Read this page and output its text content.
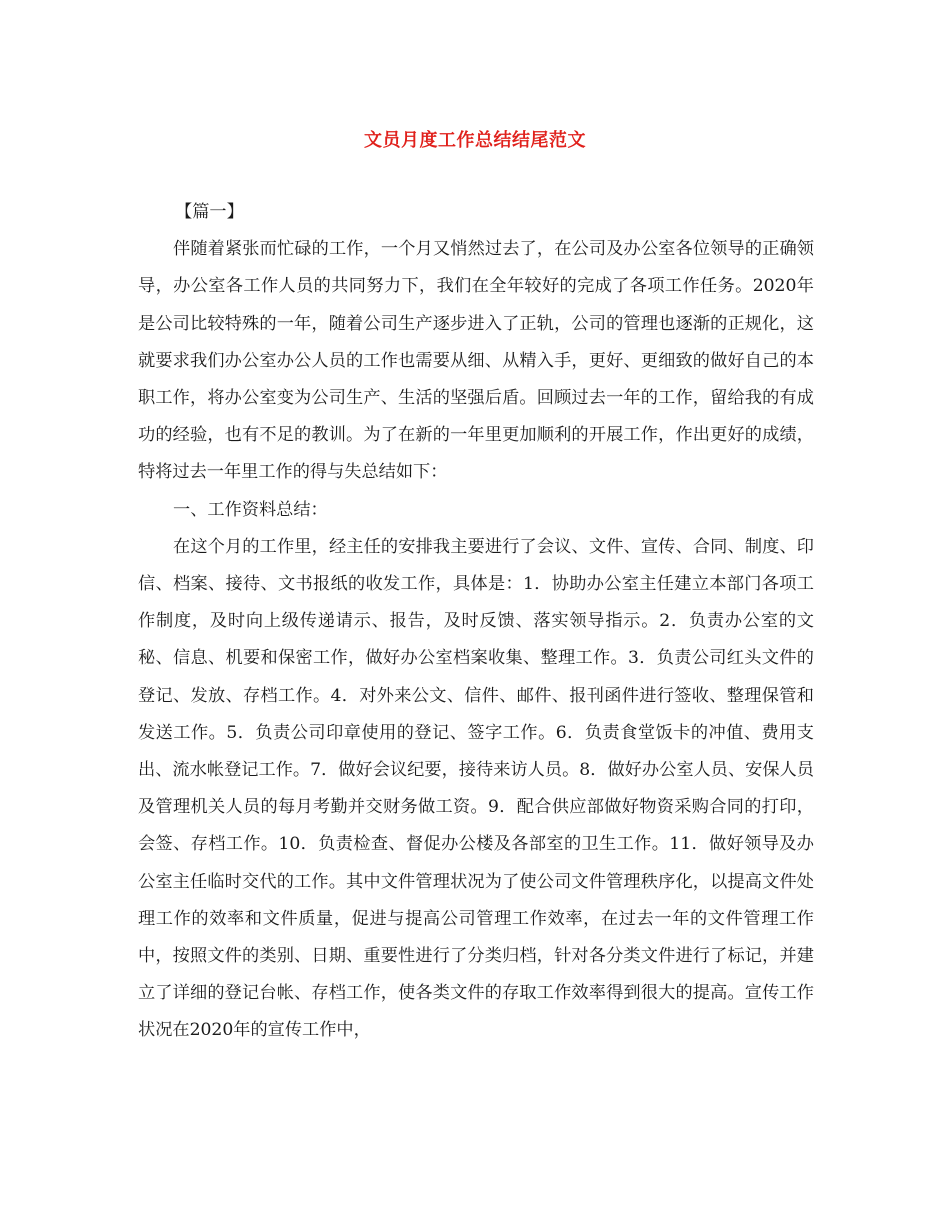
文员月度工作总结结尾范文

【篇一】

伴随着紧张而忙碌的工作，一个月又悄然过去了，在公司及办公室各位领导的正确领导，办公室各工作人员的共同努力下，我们在全年较好的完成了各项工作任务。2020年是公司比较特殊的一年，随着公司生产逐步进入了正轨，公司的管理也逐渐的正规化，这就要求我们办公室办公人员的工作也需要从细、从精入手，更好、更细致的做好自己的本职工作，将办公室变为公司生产、生活的坚强后盾。回顾过去一年的工作，留给我的有成功的经验，也有不足的教训。为了在新的一年里更加顺利的开展工作，作出更好的成绩，特将过去一年里工作的得与失总结如下：

一、工作资料总结：

在这个月的工作里，经主任的安排我主要进行了会议、文件、宣传、合同、制度、印信、档案、接待、文书报纸的收发工作，具体是：1．协助办公室主任建立本部门各项工作制度，及时向上级传递请示、报告，及时反馈、落实领导指示。2．负责办公室的文秘、信息、机要和保密工作，做好办公室档案收集、整理工作。3．负责公司红头文件的登记、发放、存档工作。4．对外来公文、信件、邮件、报刊函件进行签收、整理保管和发送工作。5．负责公司印章使用的登记、签字工作。6．负责食堂饭卡的冲值、费用支出、流水帐登记工作。7．做好会议纪要，接待来访人员。8．做好办公室人员、安保人员及管理机关人员的每月考勤并交财务做工资。9．配合供应部做好物资采购合同的打印，会签、存档工作。10．负责检查、督促办公楼及各部室的卫生工作。11．做好领导及办公室主任临时交代的工作。其中文件管理状况为了使公司文件管理秩序化，以提高文件处理工作的效率和文件质量，促进与提高公司管理工作效率，在过去一年的文件管理工作中，按照文件的类别、日期、重要性进行了分类归档，针对各分类文件进行了标记，并建立了详细的登记台帐、存档工作，使各类文件的存取工作效率得到很大的提高。宣传工作状况在2020年的宣传工作中，
